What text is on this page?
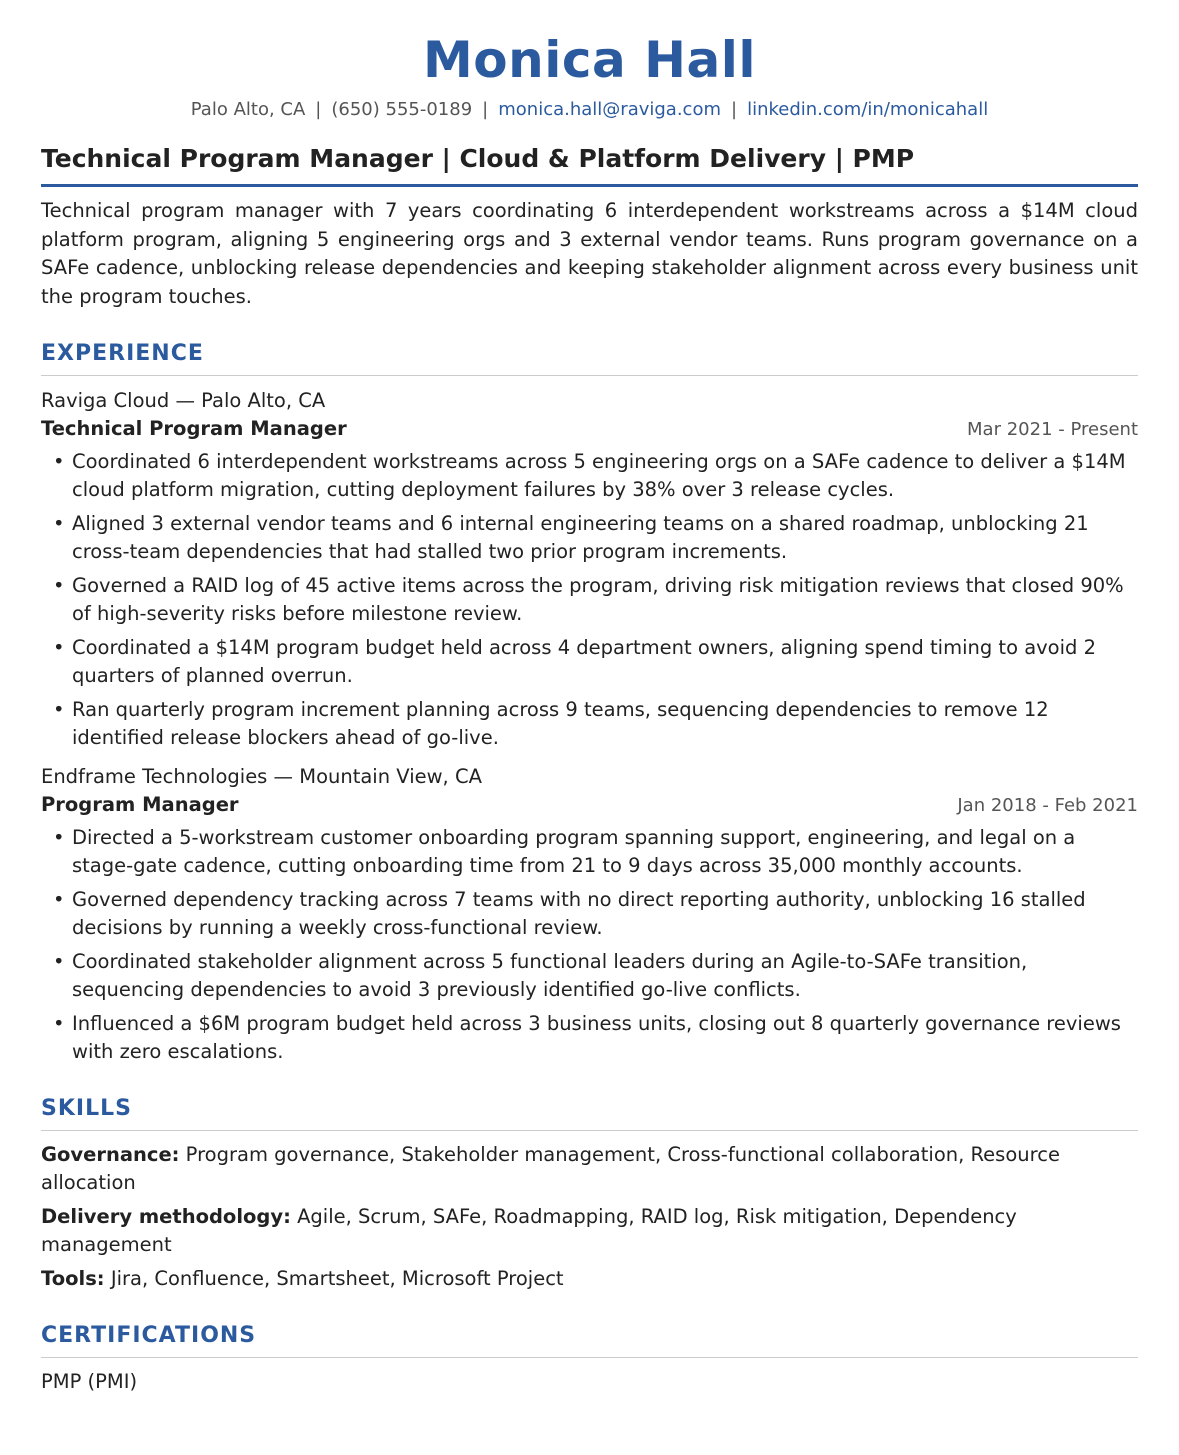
Monica Hall
Palo Alto, CA | (650) 555-0189 | monica.hall@raviga.com | linkedin.com/in/monicahall
Technical Program Manager | Cloud & Platform Delivery | PMP
Technical program manager with 7 years coordinating 6 interdependent workstreams across a $14M cloud platform program, aligning 5 engineering orgs and 3 external vendor teams. Runs program governance on a SAFe cadence, unblocking release dependencies and keeping stakeholder alignment across every business unit the program touches.
EXPERIENCE
Raviga Cloud — Palo Alto, CA
Technical Program Manager	Mar 2021 - Present
• Coordinated 6 interdependent workstreams across 5 engineering orgs on a SAFe cadence to deliver a $14M cloud platform migration, cutting deployment failures by 38% over 3 release cycles.
• Aligned 3 external vendor teams and 6 internal engineering teams on a shared roadmap, unblocking 21 cross-team dependencies that had stalled two prior program increments.
• Governed a RAID log of 45 active items across the program, driving risk mitigation reviews that closed 90% of high-severity risks before milestone review.
• Coordinated a $14M program budget held across 4 department owners, aligning spend timing to avoid 2 quarters of planned overrun.
• Ran quarterly program increment planning across 9 teams, sequencing dependencies to remove 12 identified release blockers ahead of go-live.
Endframe Technologies — Mountain View, CA
Program Manager	Jan 2018 - Feb 2021
• Directed a 5-workstream customer onboarding program spanning support, engineering, and legal on a stage-gate cadence, cutting onboarding time from 21 to 9 days across 35,000 monthly accounts.
• Governed dependency tracking across 7 teams with no direct reporting authority, unblocking 16 stalled decisions by running a weekly cross-functional review.
• Coordinated stakeholder alignment across 5 functional leaders during an Agile-to-SAFe transition, sequencing dependencies to avoid 3 previously identified go-live conflicts.
• Influenced a $6M program budget held across 3 business units, closing out 8 quarterly governance reviews with zero escalations.
SKILLS
Governance: Program governance, Stakeholder management, Cross-functional collaboration, Resource allocation
Delivery methodology: Agile, Scrum, SAFe, Roadmapping, RAID log, Risk mitigation, Dependency management
Tools: Jira, Confluence, Smartsheet, Microsoft Project
CERTIFICATIONS
PMP (PMI)
